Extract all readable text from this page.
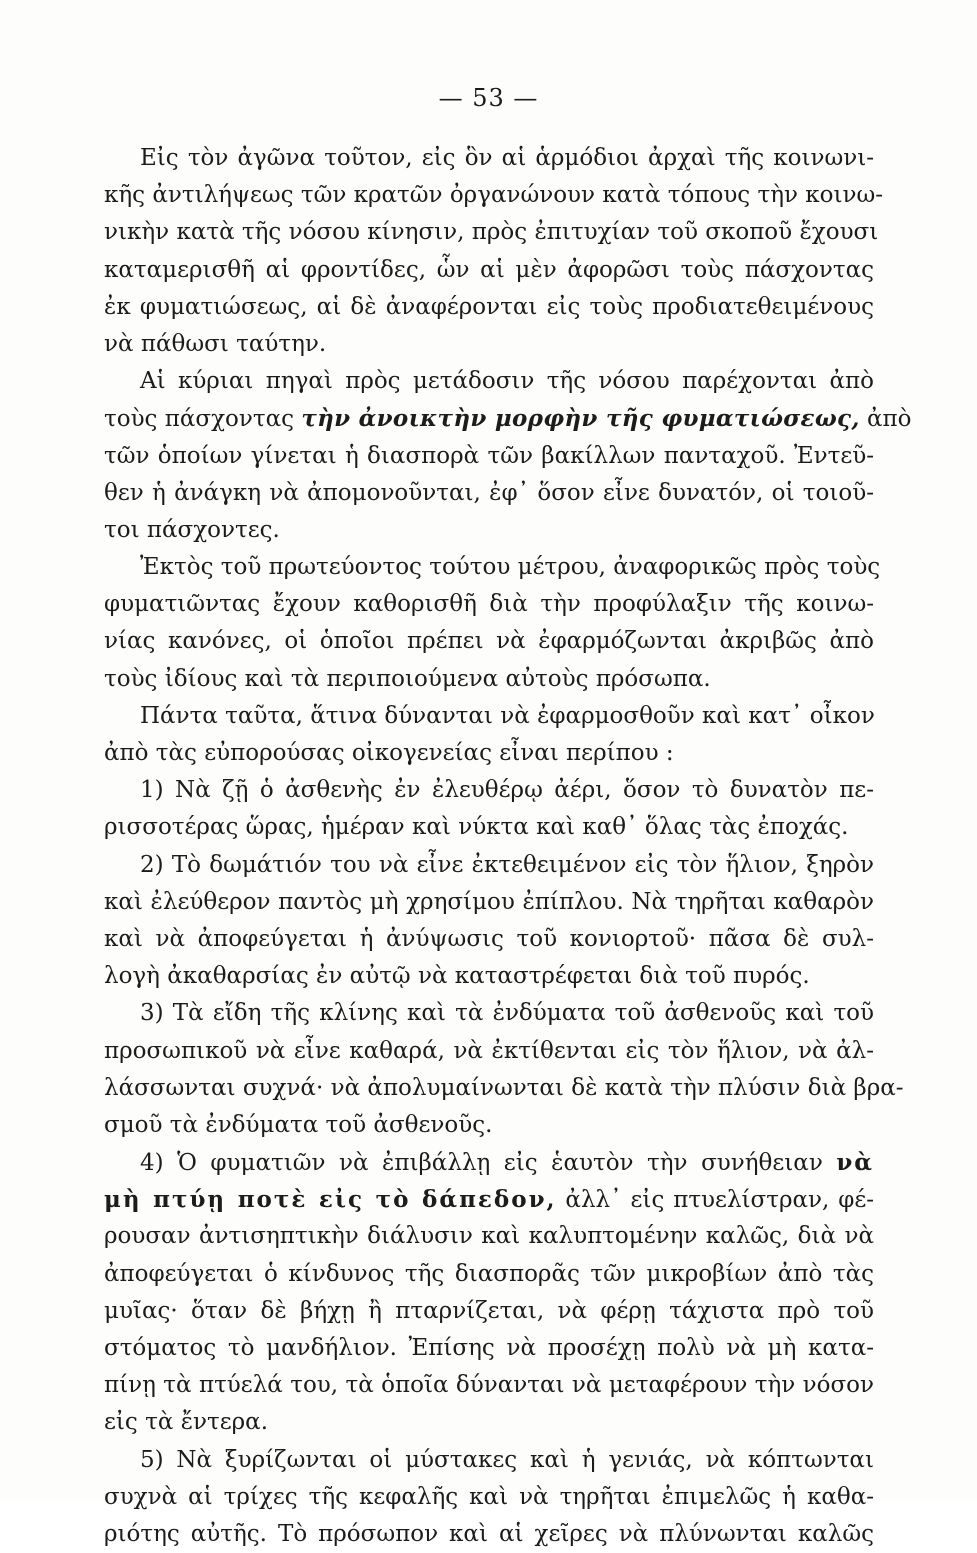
— 53 —
Εἰς τὸν ἀγῶνα τοῦτον, εἰς ὃν αἱ ἁρμόδιοι ἀρχαὶ τῆς κοινωνι-
κῆς ἀντιλήψεως τῶν κρατῶν ὀργανώνουν κατὰ τόπους τὴν κοινω-
νικὴν κατὰ τῆς νόσου κίνησιν, πρὸς ἐπιτυχίαν τοῦ σκοποῦ ἔχουσι
καταμερισθῆ αἱ φροντίδες, ὧν αἱ μὲν ἀφορῶσι τοὺς πάσχοντας
ἐκ φυματιώσεως, αἱ δὲ ἀναφέρονται εἰς τοὺς προδιατεθειμένους
νὰ πάθωσι ταύτην.
Αἱ κύριαι πηγαὶ πρὸς μετάδοσιν τῆς νόσου παρέχονται ἀπὸ
τοὺς πάσχοντας τὴν ἀνοικτὴν μορφὴν τῆς φυματιώσεως, ἀπὸ
τῶν ὁποίων γίνεται ἡ διασπορὰ τῶν βακίλλων πανταχοῦ. Ἐντεῦ-
θεν ἡ ἀνάγκη νὰ ἀπομονοῦνται, ἐφ᾿ ὅσον εἶνε δυνατόν, οἱ τοιοῦ-
τοι πάσχοντες.
Ἐκτὸς τοῦ πρωτεύοντος τούτου μέτρου, ἀναφορικῶς πρὸς τοὺς
φυματιῶντας ἔχουν καθορισθῆ διὰ τὴν προφύλαξιν τῆς κοινω-
νίας κανόνες, οἱ ὁποῖοι πρέπει νὰ ἐφαρμόζωνται ἀκριβῶς ἀπὸ
τοὺς ἰδίους καὶ τὰ περιποιούμενα αὐτοὺς πρόσωπα.
Πάντα ταῦτα, ἅτινα δύνανται νὰ ἐφαρμοσθοῦν καὶ κατ᾿ οἶκον
ἀπὸ τὰς εὐπορούσας οἰκογενείας εἶναι περίπου :
1) Νὰ ζῇ ὁ ἀσθενὴς ἐν ἐλευθέρῳ ἀέρι, ὅσον τὸ δυνατὸν πε-
ρισσοτέρας ὥρας, ἡμέραν καὶ νύκτα καὶ καθ᾿ ὅλας τὰς ἐποχάς.
2) Τὸ δωμάτιόν του νὰ εἶνε ἐκτεθειμένον εἰς τὸν ἥλιον, ξηρὸν
καὶ ἐλεύθερον παντὸς μὴ χρησίμου ἐπίπλου. Νὰ τηρῆται καθαρὸν
καὶ νὰ ἀποφεύγεται ἡ ἀνύψωσις τοῦ κονιορτοῦ· πᾶσα δὲ συλ-
λογὴ ἀκαθαρσίας ἐν αὐτῷ νὰ καταστρέφεται διὰ τοῦ πυρός.
3) Τὰ εἴδη τῆς κλίνης καὶ τὰ ἐνδύματα τοῦ ἀσθενοῦς καὶ τοῦ
προσωπικοῦ νὰ εἶνε καθαρά, νὰ ἐκτίθενται εἰς τὸν ἥλιον, νὰ ἀλ-
λάσσωνται συχνά· νὰ ἀπολυμαίνωνται δὲ κατὰ τὴν πλύσιν διὰ βρα-
σμοῦ τὰ ἐνδύματα τοῦ ἀσθενοῦς.
4) Ὁ φυματιῶν νὰ ἐπιβάλλῃ εἰς ἑαυτὸν τὴν συνήθειαν νὰ
μὴ πτύῃ ποτὲ εἰς τὸ δάπεδον, ἀλλ᾿ εἰς πτυελίστραν, φέ-
ρουσαν ἀντισηπτικὴν διάλυσιν καὶ καλυπτομένην καλῶς, διὰ νὰ
ἀποφεύγεται ὁ κίνδυνος τῆς διασπορᾶς τῶν μικροβίων ἀπὸ τὰς
μυῖας· ὅταν δὲ βήχῃ ἢ πταρνίζεται, νὰ φέρῃ τάχιστα πρὸ τοῦ
στόματος τὸ μανδήλιον. Ἐπίσης νὰ προσέχῃ πολὺ νὰ μὴ κατα-
πίνῃ τὰ πτύελά του, τὰ ὁποῖα δύνανται νὰ μεταφέρουν τὴν νόσον
εἰς τὰ ἔντερα.
5) Νὰ ξυρίζωνται οἱ μύστακες καὶ ἡ γενιάς, νὰ κόπτωνται
συχνὰ αἱ τρίχες τῆς κεφαλῆς καὶ νὰ τηρῆται ἐπιμελῶς ἡ καθα-
ριότης αὐτῆς. Τὸ πρόσωπον καὶ αἱ χεῖρες νὰ πλύνωνται καλῶς
